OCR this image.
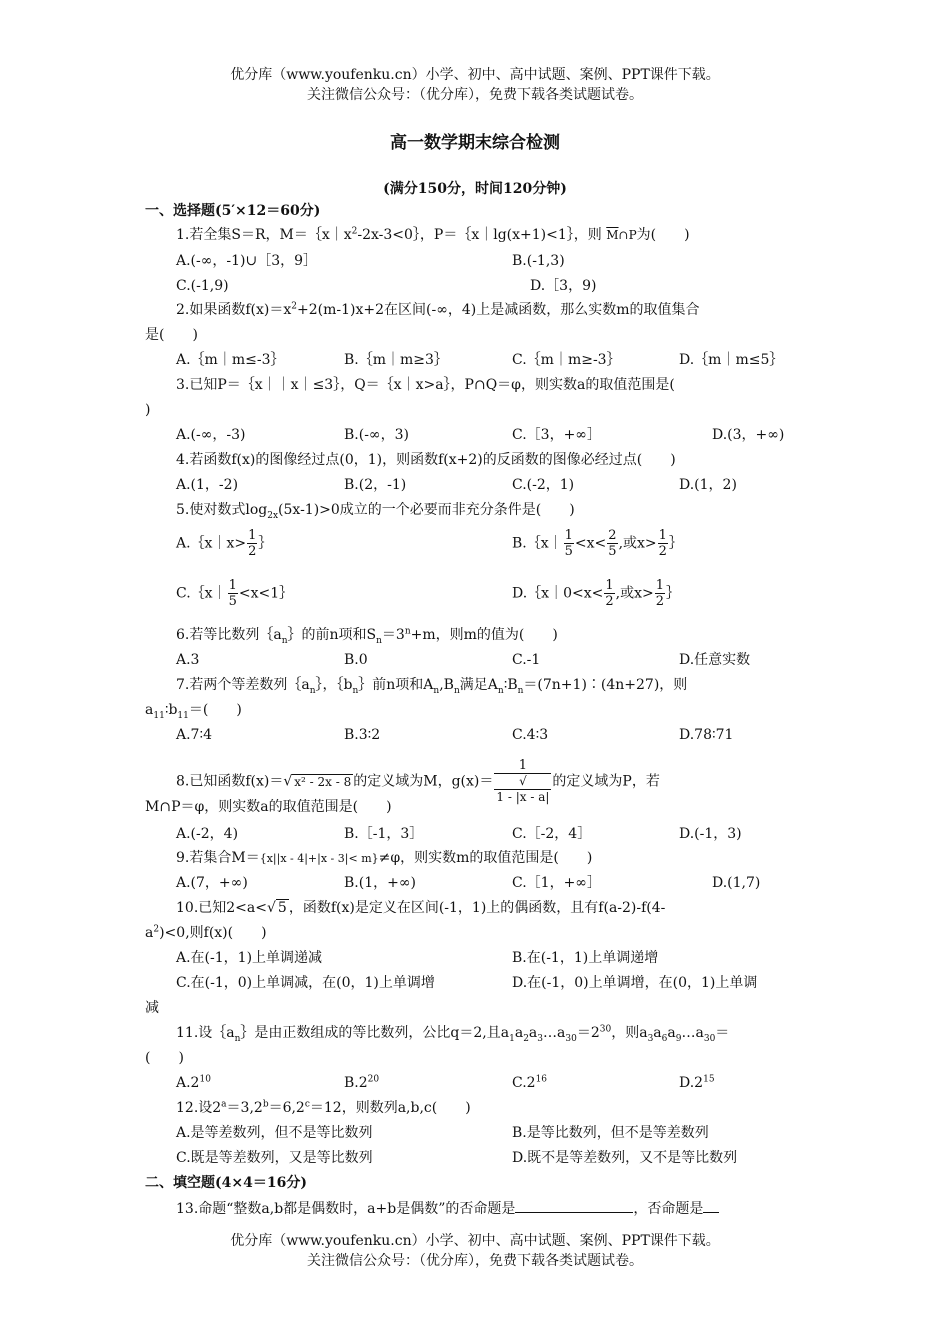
优分库（www.youfenku.cn）小学、初中、高中试题、案例、PPT课件下载。
关注微信公众号：（优分库），免费下载各类试题试卷。
高一数学期末综合检测
(满分150分，时间120分钟)
一、选择题(5′×12＝60分)
1.若全集S＝R，$M=\{x|x^2-2x-3<0\}$，P＝｛x｜lg(x+1)<1｝，则 $\overline{M}\cap P$为(　　)
A.(-∞，-1)∪［3，9］	B.(-1,3)
C.(-1,9)	D.［3，9)
2.如果函数$f(x)=x^2+2(m-1)x+2$在区间(-∞，4)上是减函数，那么实数m的取值集合
是(　　)
A.｛m｜m≤-3｝	B.｛m｜m≥3｝	C.｛m｜m≥-3｝	D.｛m｜m≤5｝
3.已知P＝｛x｜｜x｜≤3｝，Q＝｛x｜x>a｝，P∩Q＝φ，则实数a的取值范围是(
)
A.(-∞，-3)	B.(-∞，3)	C.［3，+∞］	D.(3，+∞)
4.若函数f(x)的图像经过点(0，1)，则函数f(x+2)的反函数的图像必经过点(　　)
A.(1，-2)	B.(2，-1)	C.(-2，1)	D.(1，2)
5.使对数式$\log_{2x}(5x-1)>0$成立的一个必要而非充分条件是(　　)
A.｛x｜x> $\frac{1}{2}$ ｝	B.｛x｜ $\frac{1}{5} <x< \frac{2}{5}$ ,或$x> \frac{1}{2}$ ｝
C.｛x｜ $\frac{1}{5}$ <x<1｝	D.｛x｜0<x< $\frac{1}{2}$ ,或$x> \frac{1}{2}$ ｝
6.若等比数列$\{a_n\}$的前n项和$S_n=3^n+m$，则m的值为(　　)
A.3	B.0	C.-1	D.任意实数
7.若两个等差数列$\{a_n\}$，$\{b_n\}$前n项和$A_n,B_n$满足$A_n∶B_n=(7n+1)∶(4n+27)$，则
$a_{11}∶b_{11}=$(　　)
A.7∶4	B.3∶2	C.4∶3	D.78∶71
8.已知函数f(x)＝√ x² - 2x - 8 的定义域为M，g(x)＝ 1
√
1 - |x - a| 的定义域为P，若
M∩P＝φ，则实数a的取值范围是(　　)
A.(-2，4)	B.［-1，3］	C.［-2，4］	D.(-1，3)
9.若集合M＝{x||x - 4|+|x - 3|< m}≠φ，则实数m的取值范围是(　　)
A.(7，+∞)	B.(1，+∞)	C.［1，+∞］	D.(1,7)
10.已知2<a<√ 5 ，函数f(x)是定义在区间(-1，1)上的偶函数，且有f(a-2)-f(4-
$a^2)<0$,则f(x)(　　)
A.在(-1，1)上单调递减	B.在(-1，1)上单调递增
C.在(-1，0)上单调减，在(0，1)上单调增	D.在(-1，0)上单调增，在(0，1)上单调
减
11.设$\{a_n\}$是由正数组成的等比数列，公比q＝2,且$a_1a_2a_3\dots a_{30}=2^{30}$，则$a_3a_6a_9\dots a_{30}=$
(　　)
$A.2^{10}$	$B.2^{20}$	$C.2^{16}$	$D.2^{15}$
12.设$2^a=3,2^b=6,2^c=12$，则数列a,b,c(　　)
A.是等差数列，但不是等比数列	B.是等比数列，但不是等差数列
C.既是等差数列，又是等比数列	D.既不是等差数列，又不是等比数列
二、填空题(4×4＝16分)
13.命题“整数a,b都是偶数时，a+b是偶数”的否命题是	，否命题是
优分库（www.youfenku.cn）小学、初中、高中试题、案例、PPT课件下载。
关注微信公众号：（优分库），免费下载各类试题试卷。
